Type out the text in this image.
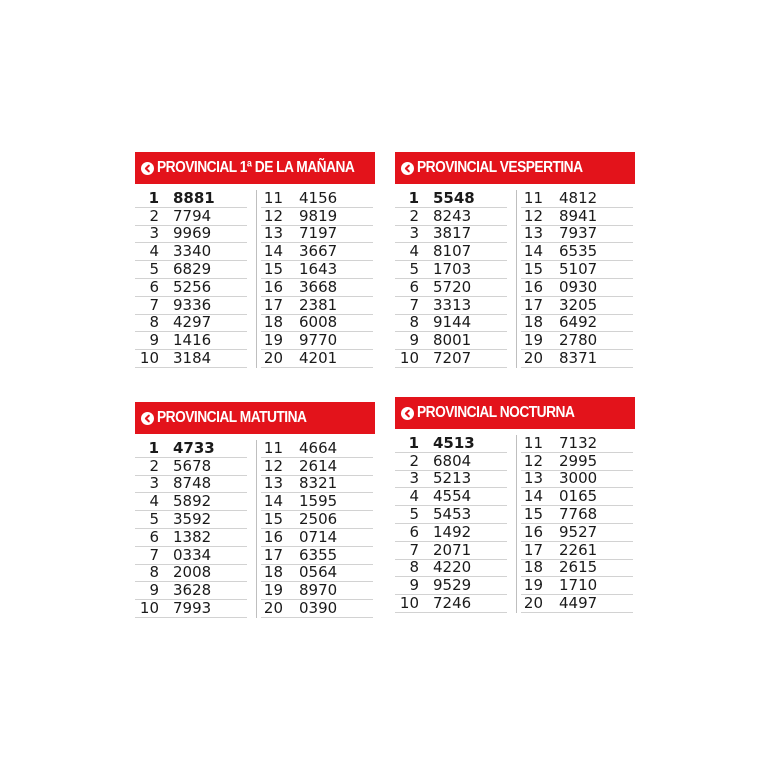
PROVINCIAL 1ª DE LA MAÑANA
1 8881
2 7794
3 9969
4 3340
5 6829
6 5256
7 9336
8 4297
9 1416
10 3184
11	4156
12	9819
13	7197
14	3667
15	1643
16	3668
17	2381
18	6008
19	9770
20	4201
PROVINCIAL VESPERTINA
1 5548
2 8243
3 3817
4 8107
5 1703
6 5720
7 3313
8 9144
9 8001
10 7207
11	4812
12	8941
13	7937
14	6535
15	5107
16	0930
17	3205
18	6492
19	2780
20	8371
PROVINCIAL MATUTINA
1 4733
2 5678
3 8748
4 5892
5 3592
6 1382
7 0334
8 2008
9 3628
10 7993
11	4664
12	2614
13	8321
14	1595
15	2506
16	0714
17	6355
18	0564
19	8970
20	0390
PROVINCIAL NOCTURNA
1 4513
2 6804
3 5213
4 4554
5 5453
6 1492
7 2071
8 4220
9 9529
10 7246
11	7132
12	2995
13	3000
14	0165
15	7768
16	9527
17	2261
18	2615
19	1710
20	4497
